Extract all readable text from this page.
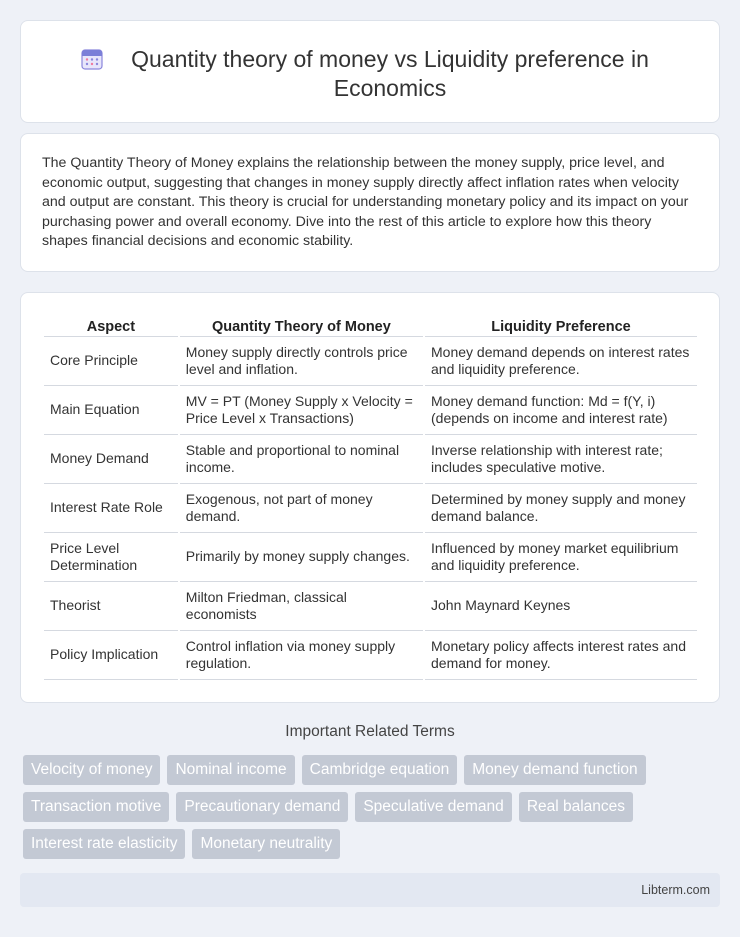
Quantity theory of money vs Liquidity preference in Economics

The Quantity Theory of Money explains the relationship between the money supply, price level, and economic output, suggesting that changes in money supply directly affect inflation rates when velocity and output are constant. This theory is crucial for understanding monetary policy and its impact on your purchasing power and overall economy. Dive into the rest of this article to explore how this theory shapes financial decisions and economic stability.

Aspect	Quantity Theory of Money	Liquidity Preference
Core Principle	Money supply directly controls price level and inflation.	Money demand depends on interest rates and liquidity preference.
Main Equation	MV = PT (Money Supply x Velocity = Price Level x Transactions)	Money demand function: Md = f(Y, i) (depends on income and interest rate)
Money Demand	Stable and proportional to nominal income.	Inverse relationship with interest rate; includes speculative motive.
Interest Rate Role	Exogenous, not part of money demand.	Determined by money supply and money demand balance.
Price Level Determination	Primarily by money supply changes.	Influenced by money market equilibrium and liquidity preference.
Theorist	Milton Friedman, classical economists	John Maynard Keynes
Policy Implication	Control inflation via money supply regulation.	Monetary policy affects interest rates and demand for money.
Important Related Terms
Velocity of money	Nominal income	Cambridge equation	Money demand function
Transaction motive	Precautionary demand	Speculative demand	Real balances
Interest rate elasticity	Monetary neutrality
Libterm.com
